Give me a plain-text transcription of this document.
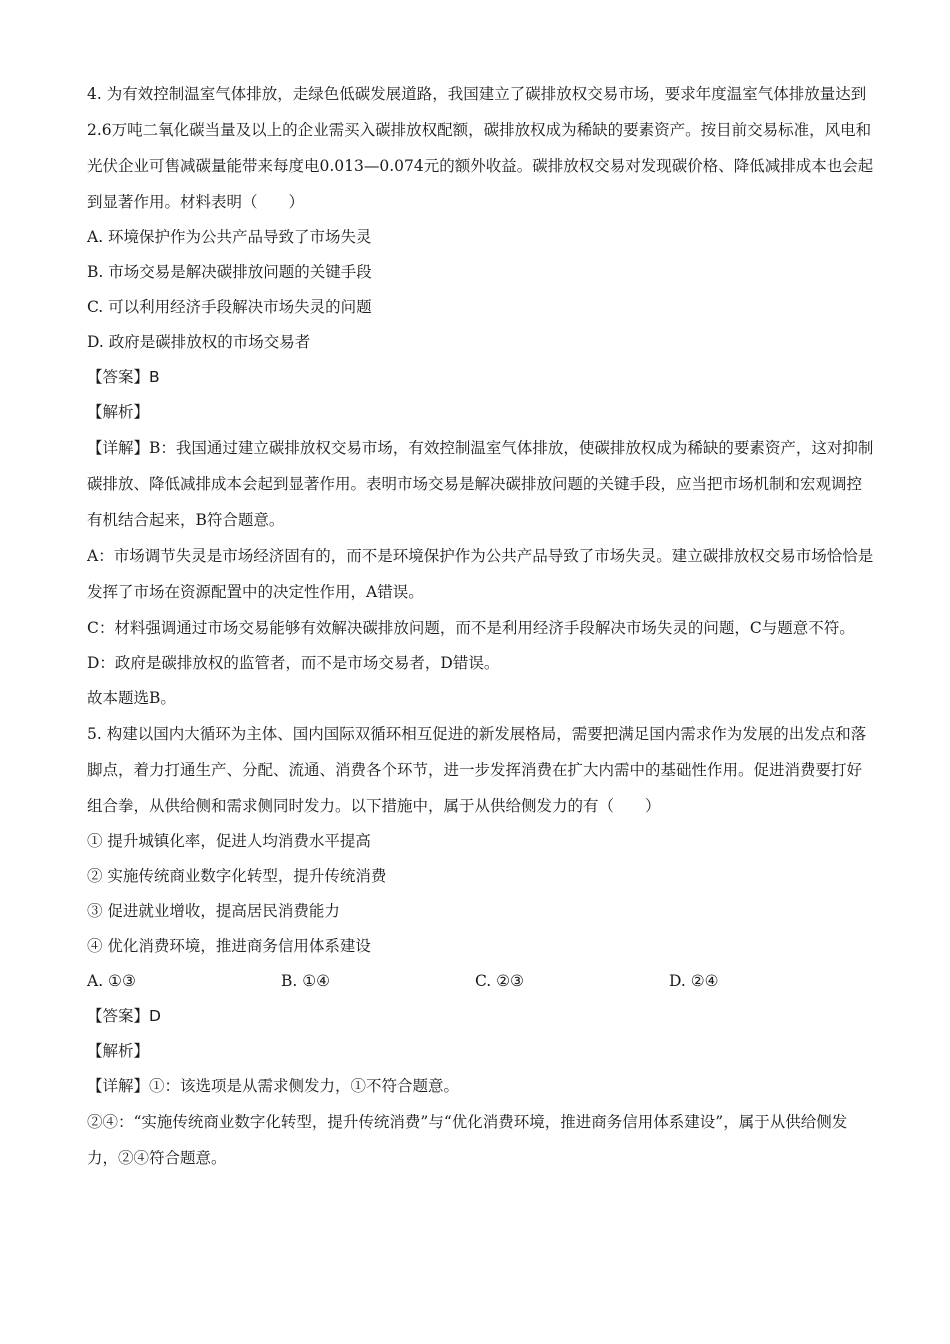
4. 为有效控制温室气体排放，走绿色低碳发展道路，我国建立了碳排放权交易市场，要求年度温室气体排放量达到2.6万吨二氧化碳当量及以上的企业需买入碳排放权配额，碳排放权成为稀缺的要素资产。按目前交易标准，风电和光伏企业可售减碳量能带来每度电0.013—0.074元的额外收益。碳排放权交易对发现碳价格、降低减排成本也会起到显著作用。材料表明（　　）

A. 环境保护作为公共产品导致了市场失灵

B. 市场交易是解决碳排放问题的关键手段

C. 可以利用经济手段解决市场失灵的问题

D. 政府是碳排放权的市场交易者

【答案】B

【解析】

【详解】B：我国通过建立碳排放权交易市场，有效控制温室气体排放，使碳排放权成为稀缺的要素资产，这对抑制碳排放、降低减排成本会起到显著作用。表明市场交易是解决碳排放问题的关键手段，应当把市场机制和宏观调控有机结合起来，B符合题意。

A：市场调节失灵是市场经济固有的，而不是环境保护作为公共产品导致了市场失灵。建立碳排放权交易市场恰恰是发挥了市场在资源配置中的决定性作用，A错误。

C：材料强调通过市场交易能够有效解决碳排放问题，而不是利用经济手段解决市场失灵的问题，C与题意不符。

D：政府是碳排放权的监管者，而不是市场交易者，D错误。

故本题选B。

5. 构建以国内大循环为主体、国内国际双循环相互促进的新发展格局，需要把满足国内需求作为发展的出发点和落脚点，着力打通生产、分配、流通、消费各个环节，进一步发挥消费在扩大内需中的基础性作用。促进消费要打好组合拳，从供给侧和需求侧同时发力。以下措施中，属于从供给侧发力的有（　　）

① 提升城镇化率，促进人均消费水平提高

② 实施传统商业数字化转型，提升传统消费

③ 促进就业增收，提高居民消费能力

④ 优化消费环境，推进商务信用体系建设

A. ①③	B. ①④	C. ②③	D. ②④

【答案】D

【解析】

【详解】①：该选项是从需求侧发力，①不符合题意。

②④：“实施传统商业数字化转型，提升传统消费”与“优化消费环境，推进商务信用体系建设”，属于从供给侧发力，②④符合题意。
